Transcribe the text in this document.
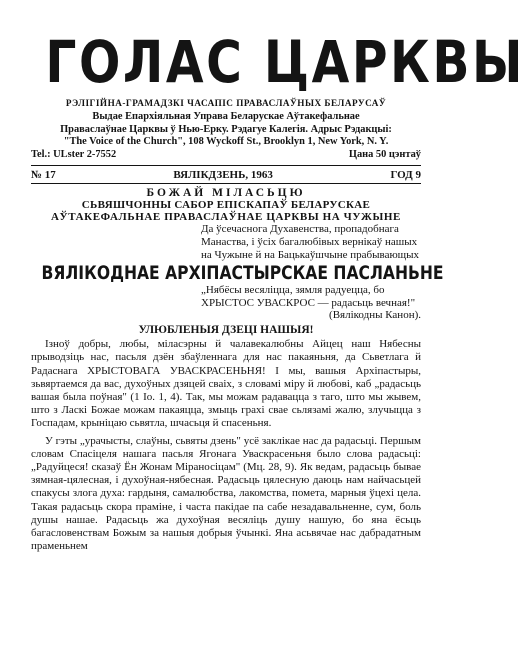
ГОЛАС ЦАРКВЫ
РЭЛІГІЙНА-ГРАМАДЗКІ ЧАСАПІС ПРАВАСЛАЎНЫХ БЕЛАРУСАЎ
Выдае Епархіяльная Управа Беларускае Аўтакефальнае
Праваслаўнае Царквы ў Нью-Ерку. Рэдагуе Калегія. Адрыс Рэдакцыі:
"The Voice of the Church", 108 Wyckoff St., Brooklyn 1, New York, N. Y.
Tel.: ULster 2-7552	Цана 50 цэнтаў
№ 17	ВЯЛІКДЗЕНЬ, 1963	ГОД 9
БОЖАЙ МІЛАСЬЦЮ
СЬВЯШЧОННЫ САБОР ЕПІСКАПАЎ БЕЛАРУСКАЕ
АЎТАКЕФАЛЬНАЕ ПРАВАСЛАЎНАЕ ЦАРКВЫ НА ЧУЖЫНЕ
Да ўсечаснога Духавенства, пропадобнага
Манаства, і ўсіх багалюбівых вернікаў нашых
на Чужыне й на Бацькаўшчыне прабывающых
ВЯЛІКОДНАЕ АРХІПАСТЫРСКАЕ ПАСЛАНЬНЕ
„Нябёсы весяліцца, зямля радуецца, бо
ХРЫСТОС УВАСКРОС — радасьць вечная!"
(Вялікодны Канон).
УЛЮБЛЕНЫЯ ДЗЕЦІ НАШЫЯ!

Ізноў добры, любы, міласэрны й чалавекалюбны Айцец наш Нябесны прыводзіць нас, пасьля дзён збаўленнага для нас пакаяньня, да Сьветлага й Радаснага ХРЫСТОВАГА УВАСКРАСЕНЬНЯ! І мы, вашыя Архіпастыры, зьвяртаемся да вас, духоўных дзяцей сваіх, з словамі міру й любові, каб „радасьць вашая была поўная" (1 Іо. 1, 4). Так, мы можам радавацца з таго, што мы жывем, што з Ласкі Божае можам пакаяцца, змыць грахі свае сьлязамі жалю, злучыцца з Госпадам, крыніцаю сьвятла, шчасьця й спасеньня.

У гэты „урачысты, слаўны, сьвяты дзень" усё заклікае нас да радасьці. Першым словам Спасіцеля нашага пасьля Ягонага Уваскрасеньня было слова радасьці: „Радуйцеся! сказаў Ён Жонам Міраносіцам" (Мц. 28, 9). Як ведам, радасьць бывае зямная-цялесная, і духоўная-нябесная. Радасьць цялесную даюць нам найчасьцей спакусы злога духа: гардыня, самалюбства, лакомства, помета, марныя ўцехі цела. Такая радасьць скора праміне, і часта пакідае па сабе незадавальненне, сум, боль душы нашае. Радасьць жа духоўная весяліць душу нашую, бо яна ёсьць багасловенствам Божым за нашыя добрыя ўчынкі. Яна асьвячае нас дабрадатным праменьнем
